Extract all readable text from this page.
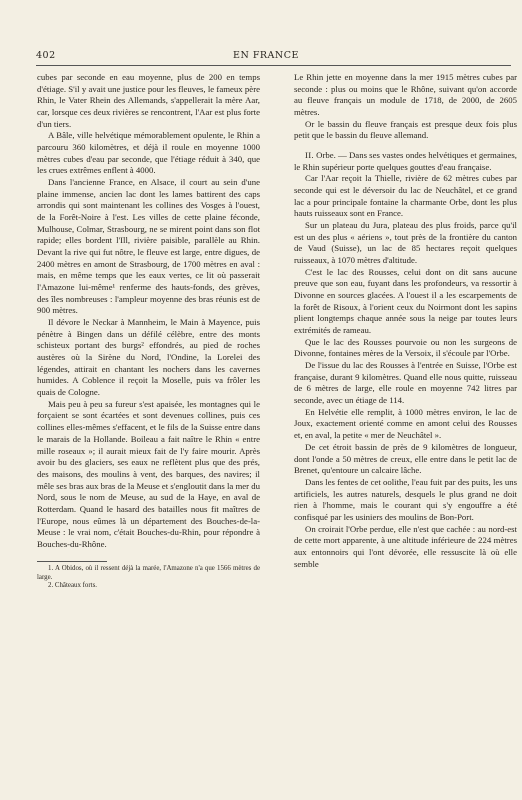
402	EN FRANCE

cubes par seconde en eau moyenne, plus de 200 en temps d'étiage. S'il y avait une justice pour les fleuves, le fameux père Rhin, le Vater Rhein des Allemands, s'appellerait la mère Aar, car, lorsque ces deux rivières se rencontrent, l'Aar est plus forte d'un tiers.

A Bâle, ville helvétique mémorablement opulente, le Rhin a parcouru 360 kilomètres, et déjà il roule en moyenne 1000 mètres cubes d'eau par seconde, que l'étiage réduit à 340, que les crues extrêmes enflent à 4000.

Dans l'ancienne France, en Alsace, il court au sein d'une plaine immense, ancien lac dont les lames battirent des caps arrondis qui sont maintenant les collines des Vosges à l'ouest, de la Forêt-Noire à l'est. Les villes de cette plaine féconde, Mulhouse, Colmar, Strasbourg, ne se mirent point dans son flot rapide; elles bordent l'Ill, rivière paisible, parallèle au Rhin. Devant la rive qui fut nôtre, le fleuve est large, entre digues, de 2400 mètres en amont de Strasbourg, de 1700 mètres en aval : mais, en même temps que les eaux vertes, ce lit où passerait l'Amazone lui-même¹ renferme des hauts-fonds, des grèves, des îles nombreuses : l'ampleur moyenne des bras réunis est de 900 mètres.

Il dévore le Neckar à Mannheim, le Main à Mayence, puis pénètre à Bingen dans un défilé célèbre, entre des monts schisteux portant des burgs² effondrés, au pied de roches austères où la Sirène du Nord, l'Ondine, la Lorelei des légendes, attirait en chantant les nochers dans les cavernes humides. A Coblence il reçoit la Moselle, puis va frôler les quais de Cologne.

Mais peu à peu sa fureur s'est apaisée, les montagnes qui le forçaient se sont écartées et sont devenues collines, puis ces collines elles-mêmes s'effacent, et le fils de la Suisse entre dans le marais de la Hollande. Boileau a fait naître le Rhin « entre mille roseaux »; il aurait mieux fait de l'y faire mourir. Après avoir bu des glaciers, ses eaux ne reflètent plus que des prés, des maisons, des moulins à vent, des barques, des navires; il mêle ses bras aux bras de la Meuse et s'engloutit dans la mer du Nord, sous le nom de Meuse, au sud de la Haye, en aval de Rotterdam. Quand le hasard des batailles nous fit maîtres de l'Europe, nous eûmes là un département des Bouches-de-la-Meuse : le vrai nom, c'était Bouches-du-Rhin, pour répondre à Bouches-du-Rhône.

1. A Obidos, où il ressent déjà la marée, l'Amazone n'a que 1566 mètres de large.

2. Châteaux forts.

Le Rhin jette en moyenne dans la mer 1915 mètres cubes par seconde : plus ou moins que le Rhône, suivant qu'on accorde au fleuve français un module de 1718, de 2000, de 2605 mètres.

Or le bassin du fleuve français est presque deux fois plus petit que le bassin du fleuve allemand.

II. Orbe. — Dans ses vastes ondes helvétiques et germaines, le Rhin supérieur porte quelques gouttes d'eau française.

Car l'Aar reçoit la Thielle, rivière de 62 mètres cubes par seconde qui est le déversoir du lac de Neuchâtel, et ce grand lac a pour principale fontaine la charmante Orbe, dont les plus hauts ruisseaux sont en France.

Sur un plateau du Jura, plateau des plus froids, parce qu'il est un des plus « aériens », tout près de la frontière du canton de Vaud (Suisse), un lac de 85 hectares reçoit quelques ruisseaux, à 1070 mètres d'altitude.

C'est le lac des Rousses, celui dont on dit sans aucune preuve que son eau, fuyant dans les profondeurs, va ressortir à Divonne en sources glacées. A l'ouest il a les escarpements de la forêt de Risoux, à l'orient ceux du Noirmont dont les sapins plient longtemps chaque année sous la neige par toutes leurs extrémités de rameau.

Que le lac des Rousses pourvoie ou non les surgeons de Divonne, fontaines mères de la Versoix, il s'écoule par l'Orbe.

De l'issue du lac des Rousses à l'entrée en Suisse, l'Orbe est française, durant 9 kilomètres. Quand elle nous quitte, ruisseau de 6 mètres de large, elle roule en moyenne 742 litres par seconde, avec un étiage de 114.

En Helvétie elle remplit, à 1000 mètres environ, le lac de Joux, exactement orienté comme en amont celui des Rousses et, en aval, la petite « mer de Neuchâtel ».

De cet étroit bassin de près de 9 kilomètres de longueur, dont l'onde a 50 mètres de creux, elle entre dans le petit lac de Brenet, qu'entoure un calcaire lâche.

Dans les fentes de cet oolithe, l'eau fuit par des puits, les uns artificiels, les autres naturels, desquels le plus grand ne doit rien à l'homme, mais le courant qui s'y engouffre a été confisqué par les usiniers des moulins de Bon-Port.

On croirait l'Orbe perdue, elle n'est que cachée : au nord-est de cette mort apparente, à une altitude inférieure de 224 mètres aux entonnoirs qui l'ont dévorée, elle ressuscite là où elle semble
